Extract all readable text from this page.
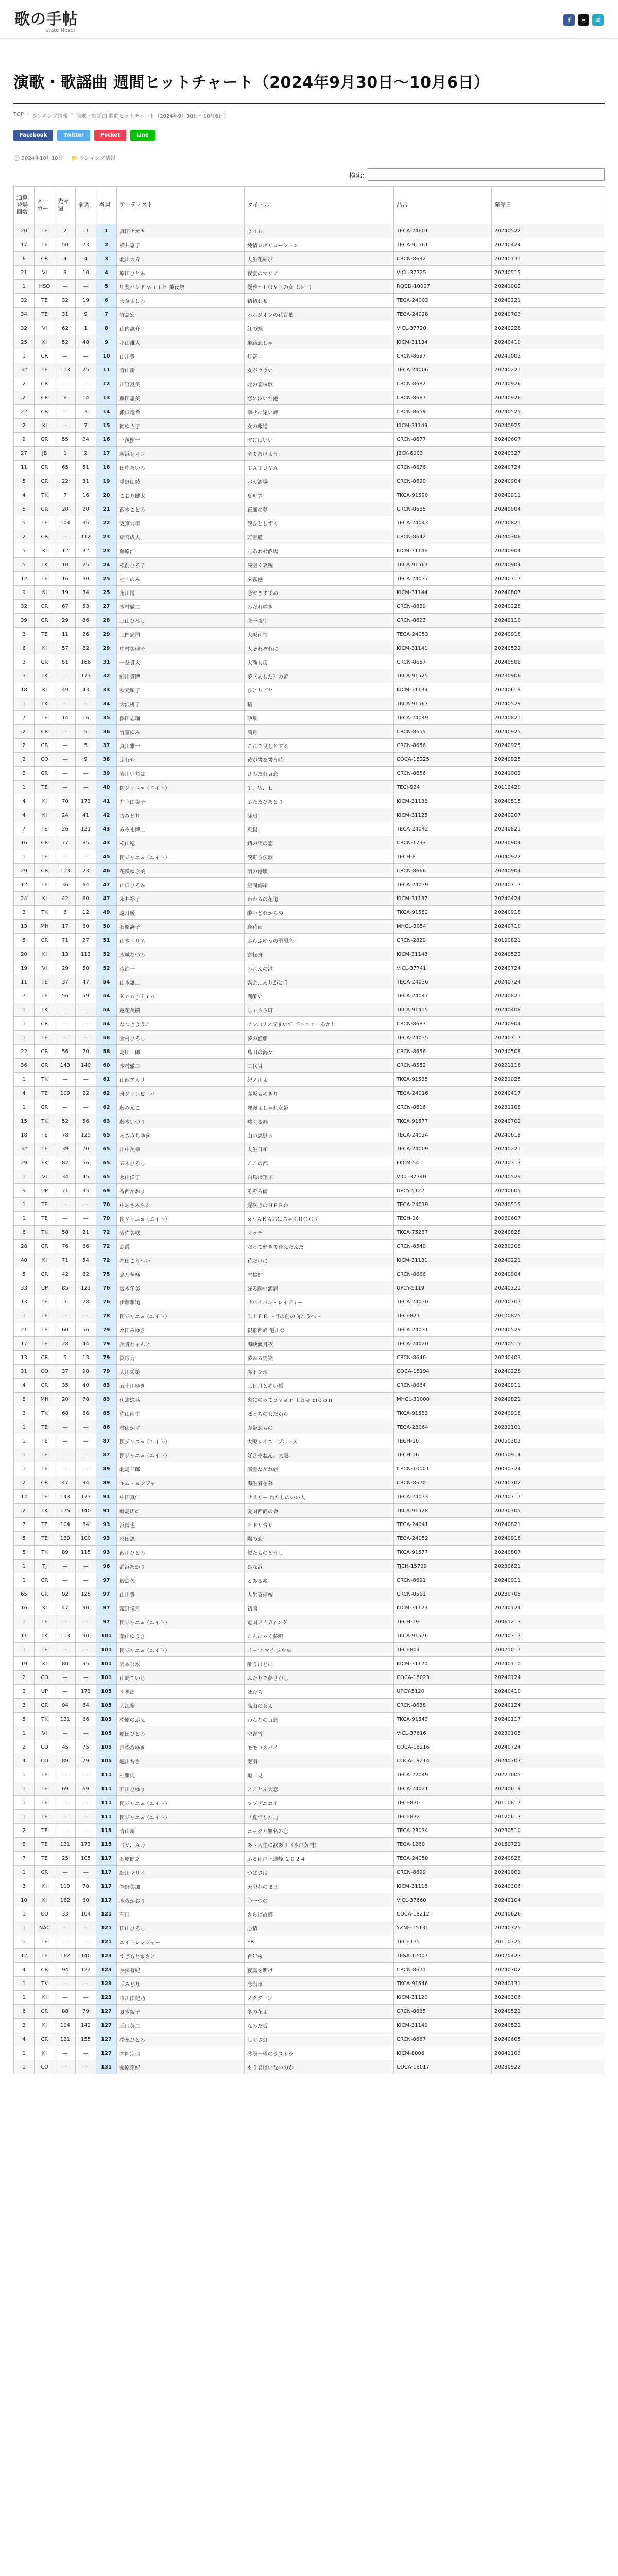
歌の手帖
utate Nesei
f	✕	✉
演歌・歌謡曲 週間ヒットチャート（2024年9月30日〜10月6日）
TOP › ランキング情報 › 演歌・歌謡曲 週間ヒットチャート（2024年9月30日〜10月6日）
Facebook	Twitter	Pocket	Line
🕒 2024年10月10日 📁 ランキング情報
検索:
通算登場回数	メーカー	先々週	前週	当週	アーティスト	タイトル	品番	発売日
20	TE	2	11	1	真田ナオキ	２４６	TECA-24601	20240522
17	TE	50	73	2	横井恵子	純情レボリューション	TECA-91561	20240424
6	CR	4	4	3	北川大介	人生花結び	CRCN-8632	20240131
21	VI	9	10	4	原田ひとみ	夜雲のマリア	VICL-37725	20240515
1	HSO	—	—	5	甲斐バンド ｗｉｔｈ 薫夜祭	優雅〜ＬＯＶＥの女（ホー）	RQCD-10007	20241002
32	TE	32	19	6	天童よしみ	初初わせ	TECA-24003	20240221
34	TE	31	9	7	竹島宏	ハルジオンの花言葉	TECA-24028	20240703
32	VI	62	1	8	山内惠介	紅の蝶	VICL-37720	20240228
25	KI	52	48	9	小山雄大	道路恋しゃ	KICM-31134	20240410
1	CR	—	—	10	山川豊	灯篭	CRCN-8697	20241002
32	TE	113	25	11	青山新	女がウラい	TECA-24006	20240221
2	CR	—	—	12	川野夏美	北の恋桜歌	CRCN-8682	20240926
2	CR	8	14	13	藤田恵美	恋に泣いた港	CRCN-8687	20240926
22	CR	—	3	14	瀬口竜希	幸せに遠い岬	CRCN-8659	20240525
2	KI	—	7	15	岡ゆう子	女の報道	KICM-31149	20240925
9	CR	55	24	16	三茂樹一	泣けばいい	CRCN-8677	20240607
27	JB	1	2	17	新浜レオン	全てあげよう	JBCK-6003	20240327
11	CR	65	51	18	田中あいみ	ＴＡＴＵＹＡ	CRCN-8676	20240724
5	CR	22	31	19	重野朋綾	バカ酒場	CRCN-8690	20240904
4	TK	7	16	20	こおり健太	夏町笠	TKCA-91590	20240911
5	CR	20	20	21	西本ことみ	夜風の夢	CRCN-8685	20240904
5	TE	104	35	22	東京力車	涙ひとしずく	TECA-24043	20240821
2	CR	—	112	23	朝宮成人	万雪艦	CRCN-8642	20240306
5	KI	12	32	23	藤原浩	しあわせ酒場	KICM-31146	20240904
5	TK	10	25	24	松前ひろ子	湊空く哀醒	TKCA-91561	20240904
12	TE	16	30	25	杜このみ	夕霧港	TECA-24037	20240717
9	KI	19	34	25	角川博	恋泣きすずめ	KICM-31144	20240807
32	CR	67	53	27	木村徹二	みだれ咲き	CRCN-8639	20240228
39	CR	29	36	28	三山ひろし	恋一夜空	CRCN-8623	20240110
3	TE	11	26	29	三門忠司	大阪雨情	TECA-24053	20240918
6	KI	57	82	29	中村美律子	人それぞれに	KICM-31141	20240522
3	CR	51	166	31	一条貫太	大漁女房	CRCN-8657	20240508
3	TK	—	173	32	細川貴博	夢（あした）の蕾	TKCA-91525	20230906
18	KI	49	43	33	秋元順子	ひとりごと	KICM-31139	20240619
1	TK	—	—	34	大沢桃子	稲	TKCA-91567	20240529
7	TE	14	16	35	澤田志瑠	砂巣	TECA-24049	20240821
2	CR	—	5	36	竹室ゆみ	滴月	CRCN-8655	20240925
2	CR	—	5	37	真川雅一	これで良しとする	CRCN-8656	20240925
2	CO	—	9	38	走有介	黄が誓を誓う時	COCA-18225	20240925
2	CR	—	—	39	岩川いちは	さみだれ哀恋	CRCN-8656	20241002
1	TE	—	—	40	関ジャニ∞（エイト）	Ｔ．Ｗ．Ｌ	TECI-924	20110420
4	KI	70	173	41	井上由美子	ふたたびあとり	KICM-31138	20240515
4	KI	24	41	42	古みどり	淀瑕	KICM-31125	20240207
7	TE	26	121	43	みやま博二	恵銀	TECA-24042	20240821
16	CR	77	85	43	松山穂	錆の実の恋	CRCN-1733	20230904
1	TE	—	—	45	関ジャニ∞（エイト）	涙町ら伝歌	TECH-8	20040922
29	CR	113	23	46	花咲ゆき美	雨の港駅	CRCN-8666	20240904
12	TE	36	64	47	山口ひろみ	空間海岸	TECA-24039	20240717
24	KI	42	60	47	永井裕子	わかるの花道	KICM-31137	20240424
3	TK	6	12	49	遠月暖	酔いどれからめ	TKCA-91582	20240918
13	MH	17	60	50	石原詢子	逢花雨	MHCL-3054	20240710
5	CR	71	27	51	山本ユリエ	ふらふゆうの勇居恋	CRCN-2829	20190821
20	KI	13	112	52	水城なつみ	寄転舟	KICM-31143	20240522
19	VI	29	50	52	森進一	みれんの港	VICL-37741	20240724
11	TE	37	47	54	山本譲二	露よ…ありがとう	TECA-24036	20240724
7	TE	56	59	54	Ｋｅｎｊｉｒｏ	湖酔い	TECA-24047	20240821
1	TK	—	—	54	越花美樹	しゃらら町	TKCA-91415	20240408
1	CR	—	—	54	なつきようこ	アンパラス又まいて ｆｅａｔ．あかり	CRCN-8687	20240904
1	TE	—	—	58	金村ひろし	夢の漁船	TECA-24035	20240717
22	CR	56	70	58	島田一郎	島田の海女	CRCN-8656	20240508
36	CR	143	140	60	木村徹二	二代目	CRCN-8552	20221116
1	TK	—	—	61	山西アカリ	紀ノ川よ	TKCA-91535	20231025
4	TE	109	22	62	舟ジャンピーパ	赤坂もめぎり	TECA-24016	20240417
1	CR	—	—	62	藤みえこ	埋麗よしゃれ女帯	CRCN-8616	20231108
15	TK	52	56	63	藤本いづり	嘘ぐる春	TKCA-91577	20240702
18	TE	78	125	65	あさみちゆき	山い思縫っ	TECA-24024	20240619
32	TE	39	70	65	川中美幸	人生日和	TECA-24009	20240221
29	FK	82	56	65	五木ひろし	ここの都	FKCM-54	20240313
1	VI	34	45	65	氷山洋子	白鳥は翔ぶ	VICL-37740	20240529
9	UP	71	95	69	香西かおり	そぞろ雨	UPCY-5122	20240605
1	TE	—	—	70	中あさみちる	遅咲きのＨＥＲＯ	TECA-24019	20240515
1	TE	—	—	70	関ジャニ∞（エイト）	∞ＳＡＫＡおばちゃんＲＯＣＫ	TECH-16	20060607
6	TK	58	21	72	岩佐美咲	マッチ	TKCA-75237	20240828
28	CR	76	66	72	島爵	だって好きで逢えたんだ	CRCN-8540	20230208
40	KI	71	54	72	福田こうへい	花だけに	KICM-31131	20240221
5	CR	42	62	75	鳥乃華極	雪桃姉	CRCN-8666	20240904
33	UP	85	121	76	坂本冬美	ほろ酔い酒肩	UPCY-5119	20240221
13	TE	3	28	76	伊藤雅道	サバイバル・レイディー	TECA-24030	20240703
1	TE	—	—	78	関ジャニ∞（エイト）	ＬＩＦＥ 〜目の前の向こうへ〜	TECI-821	20100825
21	TE	60	56	79	水田みゆき	親離西峰 港川祭	TECA-24031	20240529
17	TE	28	44	79	美貴じゅんと	海峡渡月夜	TECA-24020	20240515
13	CR	5	13	79	渕形力	夢みる男笑	CRCN-8646	20240403
31	CO	37	98	79	大川栄策	赤トンボ	COCA-18194	20240228
4	CR	35	40	83	五十川ゆき	三日月と赤い橋	CRCN-8664	20240911
8	MH	20	78	83	伊達惣兵	鬼にのってｏｖｅｒ ｔｈｅ ｍｏｏｎ	MHCL-31000	20240821
3	TK	68	66	85	佐山雨生	ぼっちの女だから	TKCA-91583	20240918
1	TE	—	—	86	村山かず	赤帯恋もの	TECA-23064	20231101
1	TE	—	—	87	関ジャニ∞（エイト）	大阪レイニーブルース	TECH-16	20050302
1	TE	—	—	87	関ジャニ∞（エイト）	好きやねん、大阪。	TECH-16	20050914
1	TE	—	—	89	北島三郎	風雪ながれ旅	CRCN-10001	20030724
2	CR	47	94	89	キム・ヨンジャ	海生者を慕	CRCN-8670	20240702
12	TE	143	173	91	中田真仁	サラリー わたしのいい人	TECA-24033	20240717
2	TK	175	140	91	輪島広雄	愛国西商の会	TKCA-91528	20230705
7	TE	104	84	93	浜博也	ヒドリ台リ	TECA-24041	20240821
5	TE	139	100	93	杉田恵	陽の恋	TECA-24052	20240918
5	TK	89	115	93	西川ひとみ	似たものどうし	TKCA-91577	20240807
1	TJ	—	—	96	浦浜あかり	ひな浜	TJCH-15709	20230621
1	CR	—	—	97	鮫島久	とある兆	CRCN-8691	20240911
65	CR	92	125	97	山川豊	人生哀停桜	CRCN-8561	20230705
16	KI	47	90	97	鏡野悦月	初鳩	KICM-31123	20240124
1	TE	—	—	97	関ジャニ∞（エイト）	電国アイディング	TECH-19	20061213
11	TK	113	90	101	葉山ゆうき	こんにゃく夢唄	TKCA-91576	20240713
1	TE	—	—	101	関ジャニ∞（エイト）	イッツ マイ ソウル	TECI-804	20071017
19	KI	80	95	101	岩本公水	酔うほどに	KICM-31120	20240110
2	CO	—	—	101	山崎ていじ	ふたりで夢さがし	COCA-18023	20240124
2	UP	—	173	105	幸ぎ出	ほむら	UPCY-5120	20240410
3	CR	94	64	105	大江裕	高山の女よ	CRCN-8638	20240124
5	TK	131	66	105	松原のぶえ	わんなの百恋	TKCA-91543	20240117
1	VI	—	—	105	原田ひとみ	空吉雪	VICL-37616	20230105
2	CO	45	75	105	戸松みゆき	モモコスパイ	COCA-18216	20240724
4	CO	89	79	105	堀川ちさ	奥雨	COCA-18214	20240703
1	TE	—	—	111	桂雅史	道一見	TECA-22049	20221005
1	TE	69	69	111	石川ひゆり	とことん大恋	TECA-24021	20240619
1	TE	—	—	111	関ジャニ∞（エイト）	ツブデニコイ	TECI-830	20110817
1	TE	—	—	111	関ジャニ∞（エイト）	「夏でした。」	TECI-832	20120613
2	TE	—	—	115	青山新	ニックと無名の恋	TECA-23034	20230510
8	TE	131	173	115	（Ｖ．Ａ．）	あゝ人生に涙あり（水戸黄門）	TECA-1260	20150721
7	TE	25	105	117	石原健之	ふる雨戸上達峰 ２０２４	TECA-24050	20240828
1	CR	—	—	117	細川マリオ	つばさは	CRCN-8699	20241002
3	KI	119	78	117	神野美加	天空巷のまま	KICM-31118	20240306
10	KI	162	60	117	水森かおり	心一つの	VICL-37660	20240104
1	CO	33	104	121	荘口	さらば故郷	COCA-18212	20240626
1	NAC	—	—	121	田山ひろし	心情	YZNE-15131	20240725
1	TE	—	—	121	エイトレンジャー	ER	TECI-135	20110725
12	TE	162	140	123	すぎもとまさと	百年桜	TESA-12007	20070423
4	CR	94	122	123	長保有紀	夜露を明け	CRCN-8671	20240702
1	TK	—	—	123	丘みどり	恋汽車	TKCA-91546	20240131
1	KI	—	—	123	市川由紀乃	ノクターン	KICM-31120	20240306
6	CR	88	79	127	夏木綾子	冬の花よ	CRCN-8665	20240522
3	KI	104	142	127	丘口英二	なみだ坂	KICM-31140	20240522
4	CR	131	155	127	松永ひとみ	しぐさ灯	CRCN-8667	20240605
1	KI	—	—	127	福岡宗也	砂漠一望のラストラ	KICM-8006	20041103
1	CO	—	—	131	桑原宗紀	もう君はいないのか	COCA-18017	20230922
